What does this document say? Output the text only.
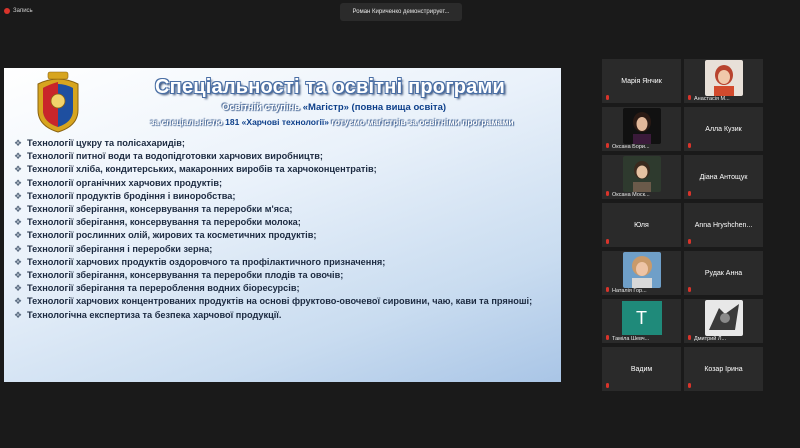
Запись	Роман Кириченко демонстрирует...
Спеціальності та освітні програми
Освітній ступінь «Магістр» (повна вища освіта)
за спеціальністю 181 «Харчові технології» готуємо магістрів за освітніми програмами
❖ Технології цукру та полісахаридів;
❖ Технології питної води та водопідготовки харчових виробництв;
❖ Технології хліба, кондитерських, макаронних виробів та харчоконцентратів;
❖ Технології органічних харчових продуктів;
❖ Технології продуктів бродіння і виноробства;
❖ Технології зберігання, консервування та переробки м'яса;
❖ Технології зберігання, консервування та переробки молока;
❖ Технології рослинних олій, жирових та косметичних продуктів;
❖ Технології зберігання і переробки зерна;
❖ Технології харчових продуктів оздоровчого та профілактичного призначення;
❖ Технології зберігання, консервування та переробки плодів та овочів;
❖ Технології зберігання та перероблення водних біоресурсів;
❖ Технології харчових концентрованих продуктів на основі фруктово-овочевої сировини, чаю, кави та пряноші;
❖ Технологічна експертиза та безпека харчової продукції.
Марія Янчик
Анастасія М...
Оксана Бори...
Алла Кузик
Оксана Моск...
Діана Антощук
Юля	Anna Hryshchen...
Наталія Гор...
Рудак Анна
T
Таміла Шевч...	Дмитрий Л...
Вадим	Козар Ірина
